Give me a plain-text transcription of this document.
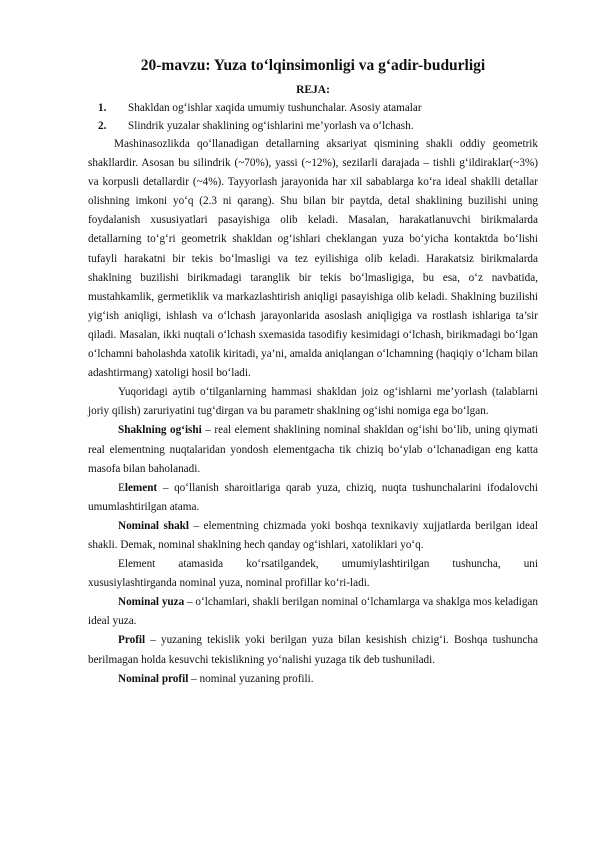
20-mavzu: Yuza to‘lqinsimonligi va g‘adir-budurligi
REJA:
1. Shakldan og‘ishlar xaqida umumiy tushunchalar. Asosiy atamalar
2. Slindrik yuzalar shaklining og‘ishlarini me’yorlash va o‘lchash.

Mashinasozlikda qo‘llanadigan detallarning aksariyat qismining shakli oddiy geometrik shakllardir. Asosan bu silindrik (~70%), yassi (~12%), sezilarli darajada – tishli g‘ildiraklar(~3%) va korpusli detallardir (~4%). Tayyorlash jarayonida har xil sabablarga ko‘ra ideal shaklli detallar olishning imkoni yo‘q (2.3 ni qarang). Shu bilan bir paytda, detal shaklining buzilishi uning foydalanish xususiyatlari pasayishiga olib keladi. Masalan, harakatlanuvchi birikmalarda detallarning to‘g‘ri geometrik shakldan og‘ishlari cheklangan yuza bo‘yicha kontaktda bo‘lishi tufayli harakatni bir tekis bo‘lmasligi va tez eyilishiga olib keladi. Harakatsiz birikmalarda shaklning buzilishi birikmadagi taranglik bir tekis bo‘lmasligiga, bu esa, o‘z navbatida, mustahkamlik, germetiklik va markazlashtirish aniqligi pasayishiga olib keladi. Shaklning buzilishi yig‘ish aniqligi, ishlash va o‘lchash jarayonlarida asoslash aniqligiga va rostlash ishlariga ta’sir qiladi. Masalan, ikki nuqtali o‘lchash sxemasida tasodifiy kesimidagi o‘lchash, birikmadagi bo‘lgan o‘lchamni baholashda xatolik kiritadi, ya’ni, amalda aniqlangan o‘lchamning (haqiqiy o‘lcham bilan adashtirmang) xatoligi hosil bo‘ladi.

Yuqoridagi aytib o‘tilganlarning hammasi shakldan joiz og‘ishlarni me’yorlash (talablarni joriy qilish) zaruriyatini tug‘dirgan va bu parametr shaklning og‘ishi nomiga ega bo‘lgan.

Shaklning og‘ishi – real element shaklining nominal shakldan og‘ishi bo‘lib, uning qiymati real elementning nuqtalaridan yondosh elementgacha tik chiziq bo‘ylab o‘lchanadigan eng katta masofa bilan baholanadi.

Element – qo‘llanish sharoitlariga qarab yuza, chiziq, nuqta tushunchalarini ifodalovchi umumlashtirilgan atama.

Nominal shakl – elementning chizmada yoki boshqa texnikaviy xujjatlarda berilgan ideal shakli. Demak, nominal shaklning hech qanday og‘ishlari, xatoliklari yo‘q.

Element       atamasida       ko‘rsatilgandek,       umumiylashtirilgan       tushuncha,       uni

xususiylashtirganda nominal yuza, nominal profillar ko‘ri-ladi.

Nominal yuza – o‘lchamlari, shakli berilgan nominal o‘lchamlarga va shaklga mos keladigan ideal yuza.

Profil – yuzaning tekislik yoki berilgan yuza bilan kesishish chizig‘i. Boshqa tushuncha berilmagan holda kesuvchi tekislikning yo‘nalishi yuzaga tik deb tushuniladi.

Nominal profil – nominal yuzaning profili.
